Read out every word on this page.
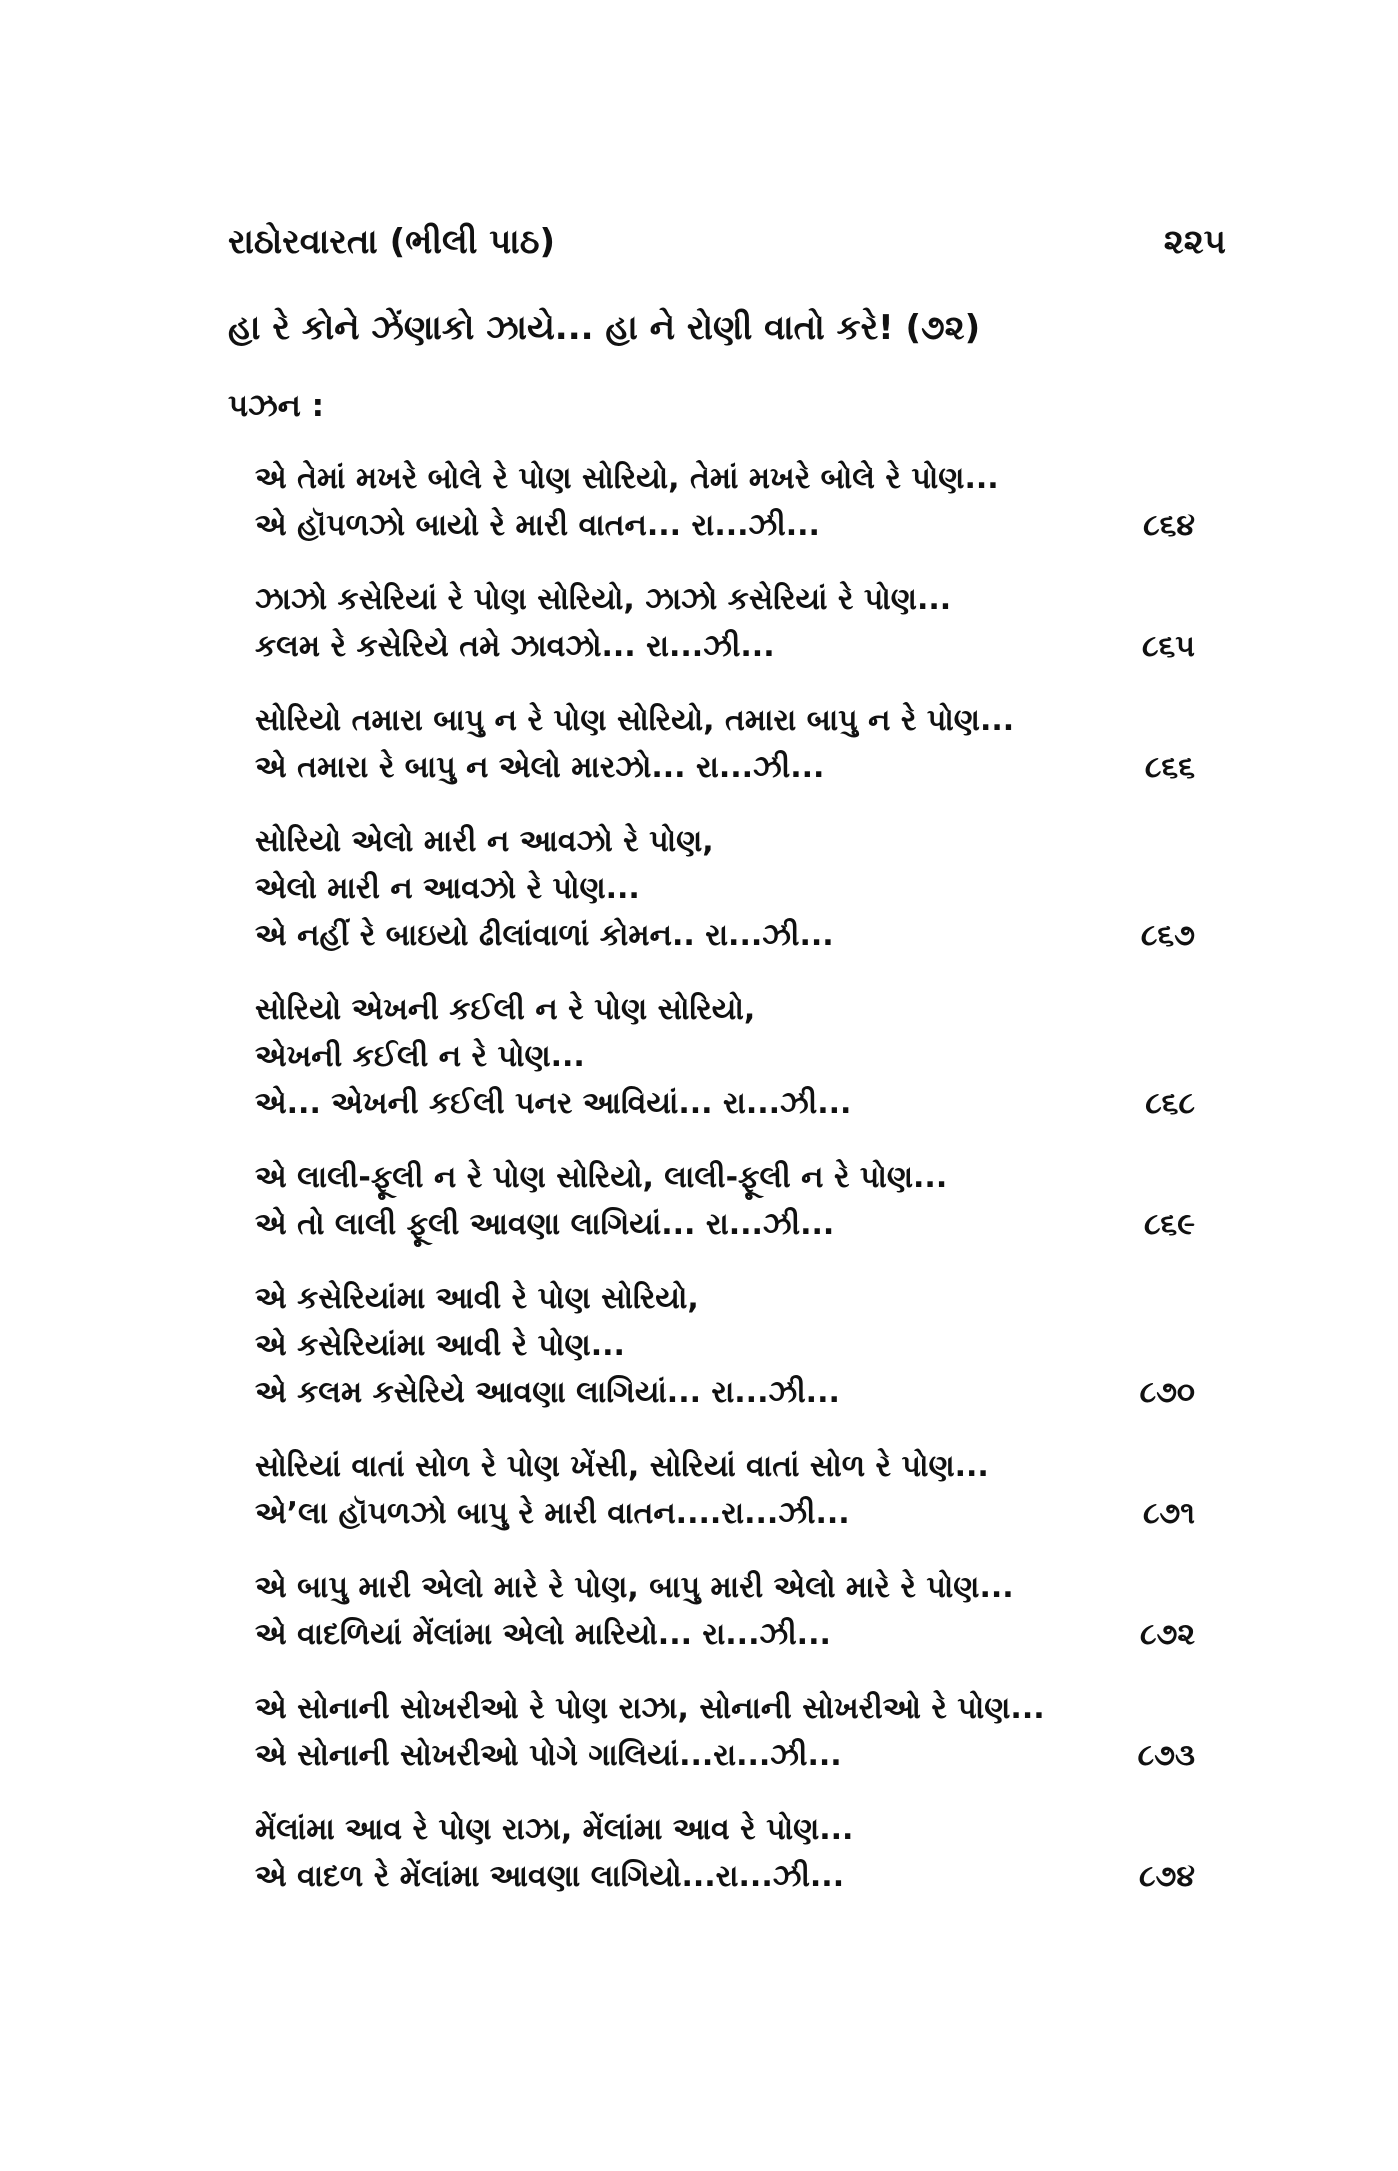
રાઠોરવારતા (ભીલી પાઠ)	૨૨૫
હા રે કોને ઝેંણાકો ઝાયે... હા ને રોણી વાતો કરે! (૭૨)
પઝન :
એ તેમાં મખરે બોલે રે પોણ સોરિયો, તેમાં મખરે બોલે રે પોણ...
એ હૉપળઝો બાયો રે મારી વાતન... રા...ઝી...	૮૬૪
ઝાઝો કસેરિયાં રે પોણ સોરિયો, ઝાઝો કસેરિયાં રે પોણ...
કલમ રે કસેરિયે તમે ઝાવઝો... રા...ઝી...	૮૬૫
સોરિયો તમારા બાપુ ન રે પોણ સોરિયો, તમારા બાપુ ન રે પોણ...
એ તમારા રે બાપુ ન એલો મારઝો... રા...ઝી...	૮૬૬
સોરિયો એલો મારી ન આવઝો રે પોણ,
એલો મારી ન આવઝો રે પોણ...
એ નહીં રે બાઇયો ઢીલાંવાળાં કોમન.. રા...ઝી...	૮૬૭
સોરિયો એખની કઈલી ન રે પોણ સોરિયો,
એખની કઈલી ન રે પોણ...
એ... એખની કઈલી પનર આવિયાં... રા...ઝી...	૮૬૮
એ લાલી-ફૂલી ન રે પોણ સોરિયો, લાલી-ફૂલી ન રે પોણ...
એ તો લાલી ફૂલી આવણા લાગિયાં... રા...ઝી...	૮૬૯
એ કસેરિયાંમા આવી રે પોણ સોરિયો,
એ કસેરિયાંમા આવી રે પોણ...
એ કલમ કસેરિયે આવણા લાગિયાં... રા...ઝી...	૮૭૦
સોરિયાં વાતાં સોળ રે પોણ ખેંસી, સોરિયાં વાતાં સોળ રે પોણ...
એ’લા હૉપળઝો બાપુ રે મારી વાતન....રા...ઝી...	૮૭૧
એ બાપુ મારી એલો મારે રે પોણ, બાપુ મારી એલો મારે રે પોણ...
એ વાદળિયાં મેંલાંમા એલો મારિયો... રા...ઝી...	૮૭૨
એ સોનાની સોખરીઓ રે પોણ રાઝા, સોનાની સોખરીઓ રે પોણ...
એ સોનાની સોખરીઓ પોગે ગાલિયાં...રા...ઝી...	૮૭૩
મેંલાંમા આવ રે પોણ રાઝા, મેંલાંમા આવ રે પોણ...
એ વાદળ રે મેંલાંમા આવણા લાગિયો...રા...ઝી...	૮૭૪
